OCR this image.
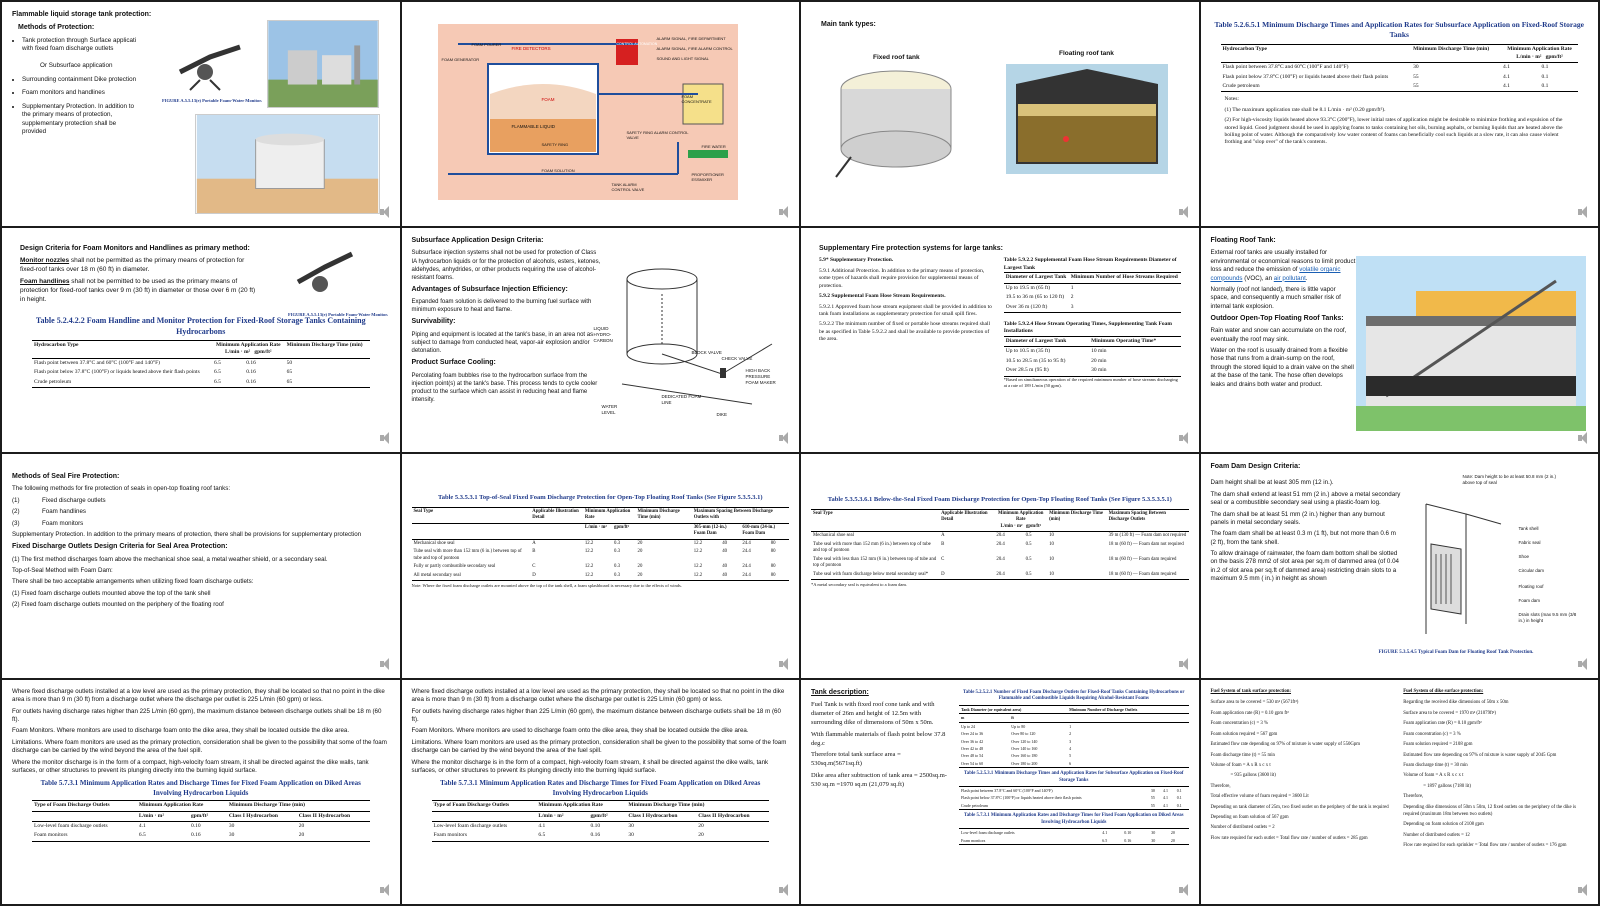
Flammable liquid storage tank protection:
Methods of Protection:
• Tank protection through Surface applicati
with fixed foam discharge outlets

Or Subsurface application
• Surrounding containment Dike protection
• Foam monitors and handlines
• Supplementary Protection. In addition to the primary means of protection, supplementary protection shall be provided
FIGURE A.5.5.13(e) Portable Foam-Water Monitor.
FOAM GENERATOR
FOAM POURER
FIRE DETECTORS
CONTROL AUTOMATION
ALARM SIGNAL, FIRE DEPARTMENT
ALARM SIGNAL, FIRE ALARM CONTROL
SOUND AND LIGHT SIGNAL
FOAM
FLAMMABLE LIQUID
SAFETY RING
FOAM CONCENTRATE
SAFETY RING ALARM CONTROL VALVE
FIRE WATER
FOAM SOLUTION
TANK ALARM CONTROL VALVE
PROPORTIONER ESSMIXER
Main tank types:
Fixed roof tank
Floating roof tank
Table 5.2.6.5.1 Minimum Discharge Times and Application Rates for Subsurface Application on Fixed-Roof Storage Tanks
Hydrocarbon Type	Minimum Discharge Time (min)	Minimum Application Rate
L/min · m² gpm/ft²	
Flash point between 37.8°C and 60°C (100°F and 140°F)	30	4.1	0.1
Flash point below 37.8°C (100°F) or liquids heated above their flash points	55	4.1	0.1
Crude petroleum	55	4.1	0.1

Notes:

(1) The maximum application rate shall be 8.1 L/min · m² (0.20 gpm/ft²).

(2) For high-viscosity liquids heated above 93.3°C (200°F), lower initial rates of application might be desirable to minimize frothing and expulsion of the stored liquid. Good judgment should be used in applying foams to tanks containing hot oils, burning asphalts, or burning liquids that are heated above the boiling point of water. Although the comparatively low water content of foams can beneficially cool such liquids at a slow rate, it can also cause violent frothing and "slop over" of the tank's contents.

Design Criteria for Foam Monitors and Handlines as primary method:

Monitor nozzles shall not be permitted as the primary means of protection for fixed-roof tanks over 18 m (60 ft) in diameter.

Foam handlines shall not be permitted to be used as the primary means of protection for fixed-roof tanks over 9 m (30 ft) in diameter or those over 6 m (20 ft) in height.

FIGURE A.5.5.13(e) Portable Foam-Water Monitor.
Table 5.2.4.2.2 Foam Handline and Monitor Protection for Fixed-Roof Storage Tanks Containing Hydrocarbons
Hydrocarbon Type	Minimum Application Rate
L/min · m² gpm/ft²		Minimum Discharge Time (min)
Flash point between 37.8°C and 60°C (100°F and 140°F)	6.5	0.16	50
Flash point below 37.8°C (100°F) or liquids heated above their flash points	6.5	0.16	65
Crude petroleum	6.5	0.16	65
Subsurface Application Design Criteria:

Subsurface injection systems shall not be used for protection of Class IA hydrocarbon liquids or for the protection of alcohols, esters, ketones, aldehydes, anhydrides, or other products requiring the use of alcohol-resistant foams.

Advantages of Subsurface Injection Efficiency:

Expanded foam solution is delivered to the burning fuel surface with minimum exposure to heat and flame.

Survivability:

Piping and equipment is located at the tank's base, in an area not as subject to damage from conducted heat, vapor-air explosion and/or detonation.

Product Surface Cooling:

Percolating foam bubbles rise to the hydrocarbon surface from the injection point(s) at the tank's base. This process tends to cycle cooler product to the surface which can assist in reducing heat and flame intensity.

LIQUID HYDRO-CARBON
BLOCK VALVE
CHECK VALVE
HIGH BACK PRESSURE FOAM MAKER
DEDICATED FOAM LINE
WATER LEVEL	DIKE
Supplementary Fire protection systems for large tanks:

5.9* Supplementary Protection.

5.9.1 Additional Protection. In addition to the primary means of protection, some types of hazards shall require provision for supplemental means of protection.

5.9.2 Supplemental Foam Hose Stream Requirements.

5.9.2.1 Approved foam hose stream equipment shall be provided in addition to tank foam installations as supplementary protection for small spill fires.

5.9.2.2 The minimum number of fixed or portable hose streams required shall be as specified in Table 5.9.2.2 and shall be available to provide protection of the area.

Table 5.9.2.2 Supplemental Foam Hose Stream Requirements Diameter of Largest Tank
Diameter of Largest Tank	Minimum Number of Hose Streams Required
Up to 19.5 m (65 ft)	1
19.5 to 36 m (65 to 120 ft)	2
Over 36 m (120 ft)	3
Table 5.9.2.4 Hose Stream Operating Times, Supplementing Tank Foam Installations
Diameter of Largest Tank	Minimum Operating Time*
Up to 10.5 m (35 ft)	10 min
10.5 to 28.5 m (35 to 95 ft)	20 min
Over 28.5 m (95 ft)	30 min
*Based on simultaneous operation of the required minimum number of hose streams discharging at a rate of 189 L/min (50 gpm).
Floating Roof Tank:

External roof tanks are usually installed for environmental or economical reasons to limit product loss and reduce the emission of volatile organic compounds (VOC), an air pollutant.

Normally (roof not landed), there is little vapor space, and consequently a much smaller risk of internal tank explosion.

Outdoor Open-Top Floating Roof Tanks:

Rain water and snow can accumulate on the roof, eventually the roof may sink.

Water on the roof is usually drained from a flexible hose that runs from a drain-sump on the roof, through the stored liquid to a drain valve on the shell at the base of the tank. The hose often develops leaks and drains both water and product.

Methods of Seal Fire Protection:

The following methods for fire protection of seals in open-top floating roof tanks:

(1)	Fixed discharge outlets

(2)	Foam handlines

(3)	Foam monitors

Supplementary Protection. In addition to the primary means of protection, there shall be provisions for supplementary protection

Fixed Discharge Outlets Design Criteria for Seal Area Protection:

(1) The first method discharges foam above the mechanical shoe seal, a metal weather shield, or a secondary seal.

Top-of-Seal Method with Foam Dam:

There shall be two acceptable arrangements when utilizing fixed foam discharge outlets:

(1) Fixed foam discharge outlets mounted above the top of the tank shell

(2) Fixed foam discharge outlets mounted on the periphery of the floating roof

Table 5.3.5.3.1 Top-of-Seal Fixed Foam Discharge Protection for Open-Top Floating Roof Tanks (See Figure 5.3.5.3.1)
Seal Type	Applicable Illustration Detail	Minimum Application Rate		Minimum Discharge Time (min)	Maximum Spacing Between Discharge Outlets with			
		L/min · m²	gpm/ft²		305-mm (12-in.) Foam Dam		610-mm (24-in.) Foam Dam	
Mechanical shoe seal	A	12.2	0.3	20	12.2	40	24.4	80
Tube seal with more than 152 mm (6 in.) between top of tube and top of pontoon	B	12.2	0.3	20	12.2	40	24.4	80
Fully or partly combustible secondary seal	C	12.2	0.3	20	12.2	40	24.4	80
All metal secondary seal	D	12.2	0.3	20	12.2	40	24.4	80
Note: Where the fixed foam discharge outlets are mounted above the top of the tank shell, a foam splashboard is necessary due to the effects of winds.
Table 5.3.5.3.6.1 Below-the-Seal Fixed Foam Discharge Protection for Open-Top Floating Roof Tanks (See Figure 5.3.5.3.5.1)
Seal Type	Applicable Illustration Detail	Minimum Application Rate
L/min · m² gpm/ft²		Minimum Discharge Time (min)	Maximum Spacing Between Discharge Outlets
Mechanical shoe seal	A	20.4	0.5	10	39 m (130 ft) — Foam dam not required
Tube seal with more than 152 mm (6 in.) between top of tube and top of pontoon	B	20.4	0.5	10	18 m (60 ft) — Foam dam not required
Tube seal with less than 152 mm (6 in.) between top of tube and top of pontoon	C	20.4	0.5	10	18 m (60 ft) — Foam dam required
Tube seal with foam discharge below metal secondary seal*	D	20.4	0.5	10	18 m (60 ft) — Foam dam required
*A metal secondary seal is equivalent to a foam dam.
Foam Dam Design Criteria:

Dam height shall be at least 305 mm (12 in.).

The dam shall extend at least 51 mm (2 in.) above a metal secondary seal or a combustible secondary seal using a plastic-foam log.

The dam shall be at least 51 mm (2 in.) higher than any burnout panels in metal secondary seals.

The foam dam shall be at least 0.3 m (1 ft), but not more than 0.6 m (2 ft), from the tank shell.

To allow drainage of rainwater, the foam dam bottom shall be slotted on the basis 278 mm2 of slot area per sq.m of dammed area (of 0.04 in.2 of slot area per sq.ft of dammed area) restricting drain slots to a maximum 9.5 mm ( in.) in height as shown

Note: Dam height to be at least 50.8 mm (2 in.) above top of seal
Tank shell
Fabric seal
Shoe
Circular dam
Floating roof
Foam dam
Drain slots (max 9.5 mm (3/8 in.) in height
FIGURE 5.3.5.4.5 Typical Foam Dam for Floating Roof Tank Protection.

Where fixed discharge outlets installed at a low level are used as the primary protection, they shall be located so that no point in the dike area is more than 9 m (30 ft) from a discharge outlet where the discharge per outlet is 225 L/min (60 gpm) or less.

For outlets having discharge rates higher than 225 L/min (60 gpm), the maximum distance between discharge outlets shall be 18 m (60 ft).

Foam Monitors. Where monitors are used to discharge foam onto the dike area, they shall be located outside the dike area.

Limitations. Where foam monitors are used as the primary protection, consideration shall be given to the possibility that some of the foam discharge can be carried by the wind beyond the area of the fuel spill.

Where the monitor discharge is in the form of a compact, high-velocity foam stream, it shall be directed against the dike walls, tank surfaces, or other structures to prevent its plunging directly into the burning liquid surface.

Table 5.7.3.1 Minimum Application Rates and Discharge Times for Fixed Foam Application on Diked Areas Involving Hydrocarbon Liquids
Type of Foam Discharge Outlets	Minimum Application Rate		Minimum Discharge Time (min)	
	L/min · m²	gpm/ft²	Class I Hydrocarbon	Class II Hydrocarbon
Low-level foam discharge outlets	4.1	0.10	30	20
Foam monitors	6.5	0.16	30	20

Where fixed discharge outlets installed at a low level are used as the primary protection, they shall be located so that no point in the dike area is more than 9 m (30 ft) from a discharge outlet where the discharge per outlet is 225 L/min (60 gpm) or less.

For outlets having discharge rates higher than 225 L/min (60 gpm), the maximum distance between discharge outlets shall be 18 m (60 ft).

Foam Monitors. Where monitors are used to discharge foam onto the dike area, they shall be located outside the dike area.

Limitations. Where foam monitors are used as the primary protection, consideration shall be given to the possibility that some of the foam discharge can be carried by the wind beyond the area of the fuel spill.

Where the monitor discharge is in the form of a compact, high-velocity foam stream, it shall be directed against the dike walls, tank surfaces, or other structures to prevent its plunging directly into the burning liquid surface.

Table 5.7.3.1 Minimum Application Rates and Discharge Times for Fixed Foam Application on Diked Areas Involving Hydrocarbon Liquids
Type of Foam Discharge Outlets	Minimum Application Rate		Minimum Discharge Time (min)	
	L/min · m²	gpm/ft²	Class I Hydrocarbon	Class II Hydrocarbon
Low-level foam discharge outlets	4.1	0.10	30	20
Foam monitors	6.5	0.16	30	20
Tank description:

Fuel Tank is with fixed roof cone tank and with diameter of 26m and height of 12.5m with surrounding dike of dimensions of 50m x 50m.

With flammable materials of flash point below 37.8 deg.c

Therefore total tank surface area = 530sq.m(5671sq.ft)

Dike area after subtraction of tank area = 2500sq.m-530 sq.m =1970 sq.m (21,079 sq.ft)

Table 5.2.5.2.1 Number of Fixed Foam Discharge Outlets for Fixed-Roof Tanks Containing Hydrocarbons or Flammable and Combustible Liquids Requiring Alcohol-Resistant Foams
Tank Diameter (or equivalent area)		Minimum Number of Discharge Outlets
m	ft	
Up to 24	Up to 80	1
Over 24 to 36	Over 80 to 120	2
Over 36 to 42	Over 120 to 140	3
Over 42 to 48	Over 140 to 160	4
Over 48 to 54	Over 160 to 180	5
Over 54 to 60	Over 180 to 200	6
Table 5.2.5.3.1 Minimum Discharge Times and Application Rates for Subsurface Application on Fixed-Roof Storage Tanks
Flash point between 37.8°C and 60°C (100°F and 140°F)	30	4.1	0.1
Flash point below 37.8°C (100°F) or liquids heated above their flash points	55	4.1	0.1
Crude petroleum	55	4.1	0.1
Table 5.7.3.1 Minimum Application Rates and Discharge Times for Fixed Foam Application on Diked Areas Involving Hydrocarbon Liquids
Low-level foam discharge outlets	4.1	0.10	30	20
Foam monitors	6.5	0.16	30	20
Fuel System of tank surface protection:

Surface area to be covered = 530 m² (5671ft²)

Foam application rate (R) = 0.10 gpm ft²

Foam concentration (c) = 3 %

Foam solution required = 567 gpm

Estimated flow rate depending on 97% of mixture is water supply of 550Gpm

Foam discharge time (t) = 55 min

Volume of foam = A x R x c x t

= 935 gallons (3600 lit)

Therefore,

Total effective volume of foam required = 3600 Lit

Depending on tank diameter of 25m, two fixed outlet on the periphery of the tank is required

Depending on foam solution of 567 gpm

Number of distributed outlets = 2

Flow rate required for each outlet = Total flow rate / number of outlets = 285 gpm

Fuel System of dike surface protection:

Regarding the received dike dimensions of 50m x 50m

Surface area to be covered = 1970 m² (21079ft²)

Foam application rate (R) = 0.10 gpm/ft²

Foam concentration (c) = 3 %

Foam solution required = 2108 gpm

Estimated flow rate depending on 97% of mixture is water supply of 2045 Gpm

Foam discharge time (t) = 30 min

Volume of foam = A x R x c x t

= 1897 gallons (7180 lit)

Therefore,

Depending dike dimensions of 50m x 50m, 12 fixed outlets on the periphery of the dike is required (maximum 18m between two outlets)

Depending on foam solution of 2108 gpm

Number of distributed outlets = 12

Flow rate required for each sprinkler = Total flow rate / number of outlets = 176 gpm
